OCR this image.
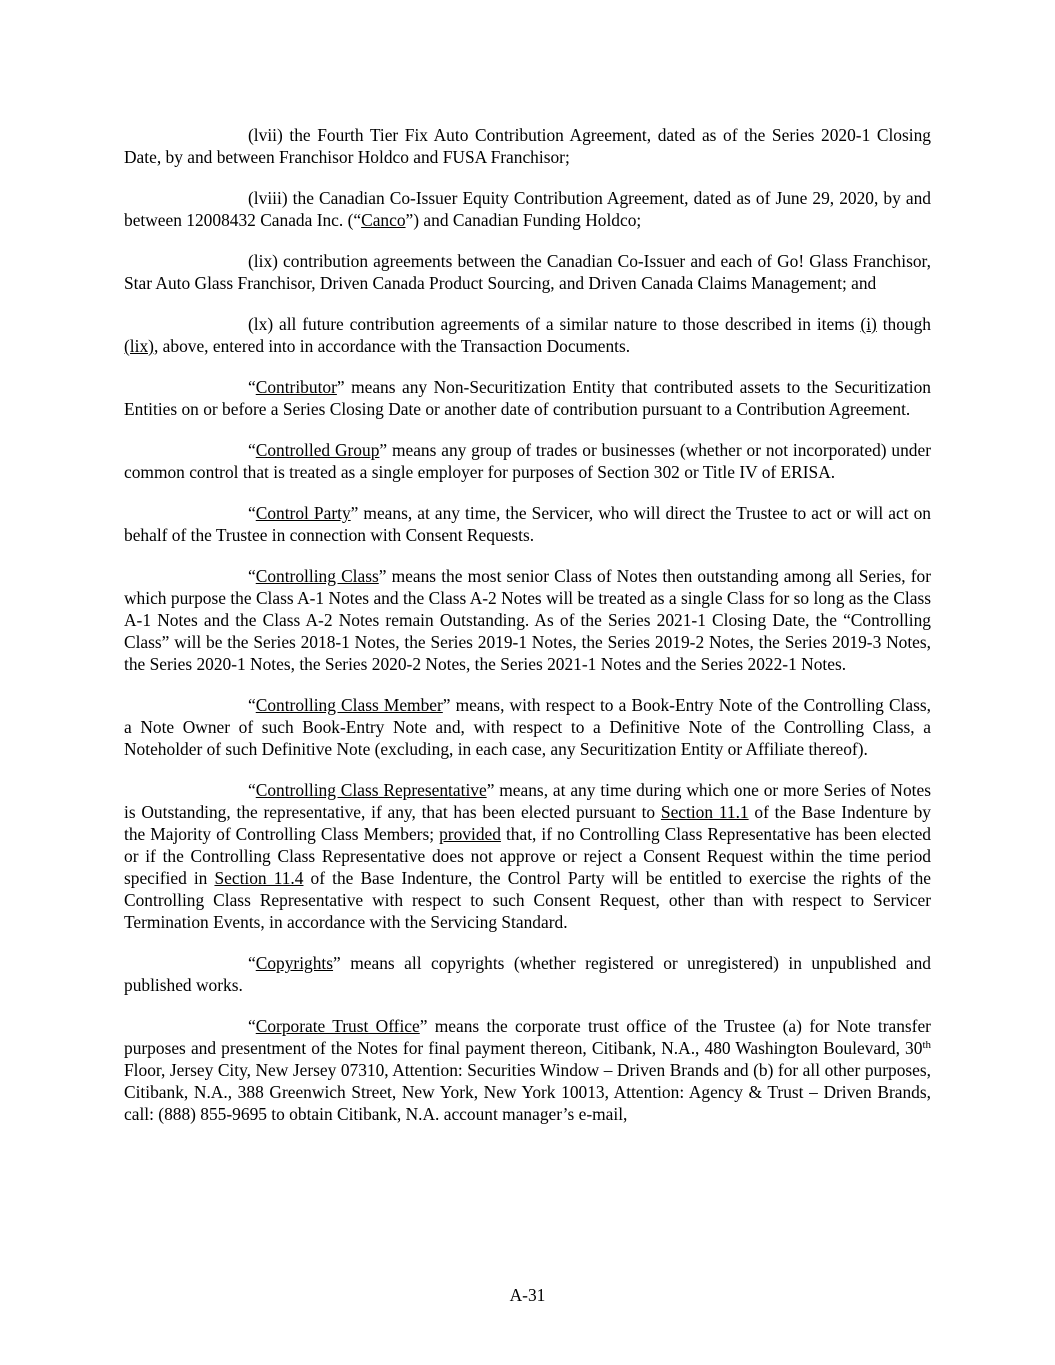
(lvii) the Fourth Tier Fix Auto Contribution Agreement, dated as of the Series 2020-1 Closing Date, by and between Franchisor Holdco and FUSA Franchisor;

(lviii) the Canadian Co-Issuer Equity Contribution Agreement, dated as of June 29, 2020, by and between 12008432 Canada Inc. (“Canco”) and Canadian Funding Holdco;

(lix) contribution agreements between the Canadian Co-Issuer and each of Go! Glass Franchisor, Star Auto Glass Franchisor, Driven Canada Product Sourcing, and Driven Canada Claims Management; and

(lx) all future contribution agreements of a similar nature to those described in items (i) though (lix), above, entered into in accordance with the Transaction Documents.

“Contributor” means any Non-Securitization Entity that contributed assets to the Securitization Entities on or before a Series Closing Date or another date of contribution pursuant to a Contribution Agreement.

“Controlled Group” means any group of trades or businesses (whether or not incorporated) under common control that is treated as a single employer for purposes of Section 302 or Title IV of ERISA.

“Control Party” means, at any time, the Servicer, who will direct the Trustee to act or will act on behalf of the Trustee in connection with Consent Requests.

“Controlling Class” means the most senior Class of Notes then outstanding among all Series, for which purpose the Class A-1 Notes and the Class A-2 Notes will be treated as a single Class for so long as the Class A-1 Notes and the Class A-2 Notes remain Outstanding. As of the Series 2021-1 Closing Date, the “Controlling Class” will be the Series 2018-1 Notes, the Series 2019-1 Notes, the Series 2019-2 Notes, the Series 2019-3 Notes, the Series 2020-1 Notes, the Series 2020-2 Notes, the Series 2021-1 Notes and the Series 2022-1 Notes.

“Controlling Class Member” means, with respect to a Book-Entry Note of the Controlling Class, a Note Owner of such Book-Entry Note and, with respect to a Definitive Note of the Controlling Class, a Noteholder of such Definitive Note (excluding, in each case, any Securitization Entity or Affiliate thereof).

“Controlling Class Representative” means, at any time during which one or more Series of Notes is Outstanding, the representative, if any, that has been elected pursuant to Section 11.1 of the Base Indenture by the Majority of Controlling Class Members; provided that, if no Controlling Class Representative has been elected or if the Controlling Class Representative does not approve or reject a Consent Request within the time period specified in Section 11.4 of the Base Indenture, the Control Party will be entitled to exercise the rights of the Controlling Class Representative with respect to such Consent Request, other than with respect to Servicer Termination Events, in accordance with the Servicing Standard.

“Copyrights” means all copyrights (whether registered or unregistered) in unpublished and published works.

“Corporate Trust Office” means the corporate trust office of the Trustee (a) for Note transfer purposes and presentment of the Notes for final payment thereon, Citibank, N.A., 480 Washington Boulevard, 30th Floor, Jersey City, New Jersey 07310, Attention: Securities Window – Driven Brands and (b) for all other purposes, Citibank, N.A., 388 Greenwich Street, New York, New York 10013, Attention: Agency & Trust – Driven Brands, call: (888) 855-9695 to obtain Citibank, N.A. account manager’s e-mail,

A-31
